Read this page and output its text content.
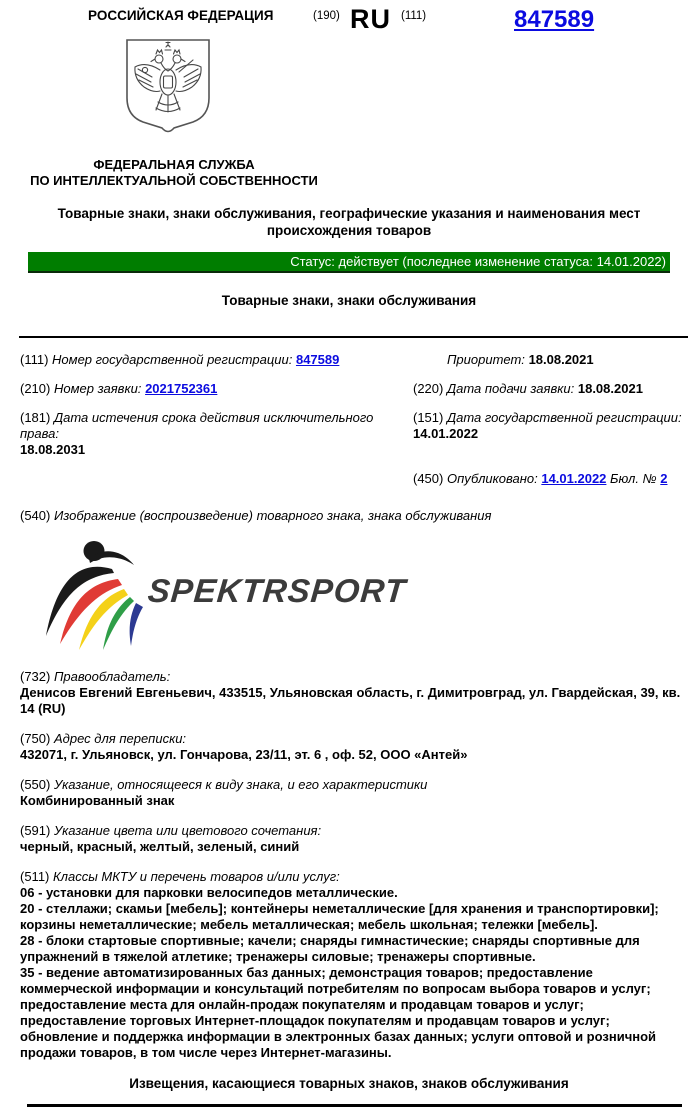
РОССИЙСКАЯ ФЕДЕРАЦИЯ	(190) RU (111)	847589
ФЕДЕРАЛЬНАЯ СЛУЖБА
ПО ИНТЕЛЛЕКТУАЛЬНОЙ СОБСТВЕННОСТИ
Товарные знаки, знаки обслуживания, географические указания и наименования мест происхождения товаров
Статус: действует (последнее изменение статуса: 14.01.2022)
Товарные знаки, знаки обслуживания
(111) Номер государственной регистрации: 847589	Приоритет: 18.08.2021
(210) Номер заявки: 2021752361	(220) Дата подачи заявки: 18.08.2021
(181) Дата истечения срока действия исключительного права:
18.08.2031
(151) Дата государственной регистрации:
14.01.2022
(450) Опубликовано: 14.01.2022 Бюл. № 2
(540) Изображение (воспроизведение) товарного знака, знака обслуживания
SPEKTRSPORT
(732) Правообладатель:
Денисов Евгений Евгеньевич, 433515, Ульяновская область, г. Димитровград, ул. Гвардейская, 39, кв. 14 (RU)
(750) Адрес для переписки:
432071, г. Ульяновск, ул. Гончарова, 23/11, эт. 6 , оф. 52, ООО «Антей»
(550) Указание, относящееся к виду знака, и его характеристики
Комбинированный знак
(591) Указание цвета или цветового сочетания:
черный, красный, желтый, зеленый, синий
(511) Классы МКТУ и перечень товаров и/или услуг:

06 - установки для парковки велосипедов металлические.

20 - стеллажи; скамьи [мебель]; контейнеры неметаллические [для хранения и транспортировки]; корзины неметаллические; мебель металлическая; мебель школьная; тележки [мебель].

28 - блоки стартовые спортивные; качели; снаряды гимнастические; снаряды спортивные для упражнений в тяжелой атлетике; тренажеры силовые; тренажеры спортивные.

35 - ведение автоматизированных баз данных; демонстрация товаров; предоставление коммерческой информации и консультаций потребителям по вопросам выбора товаров и услуг; предоставление места для онлайн-продаж покупателям и продавцам товаров и услуг; предоставление торговых Интернет-площадок покупателям и продавцам товаров и услуг; обновление и поддержка информации в электронных базах данных; услуги оптовой и розничной продажи товаров, в том числе через Интернет-магазины.

Извещения, касающиеся товарных знаков, знаков обслуживания
